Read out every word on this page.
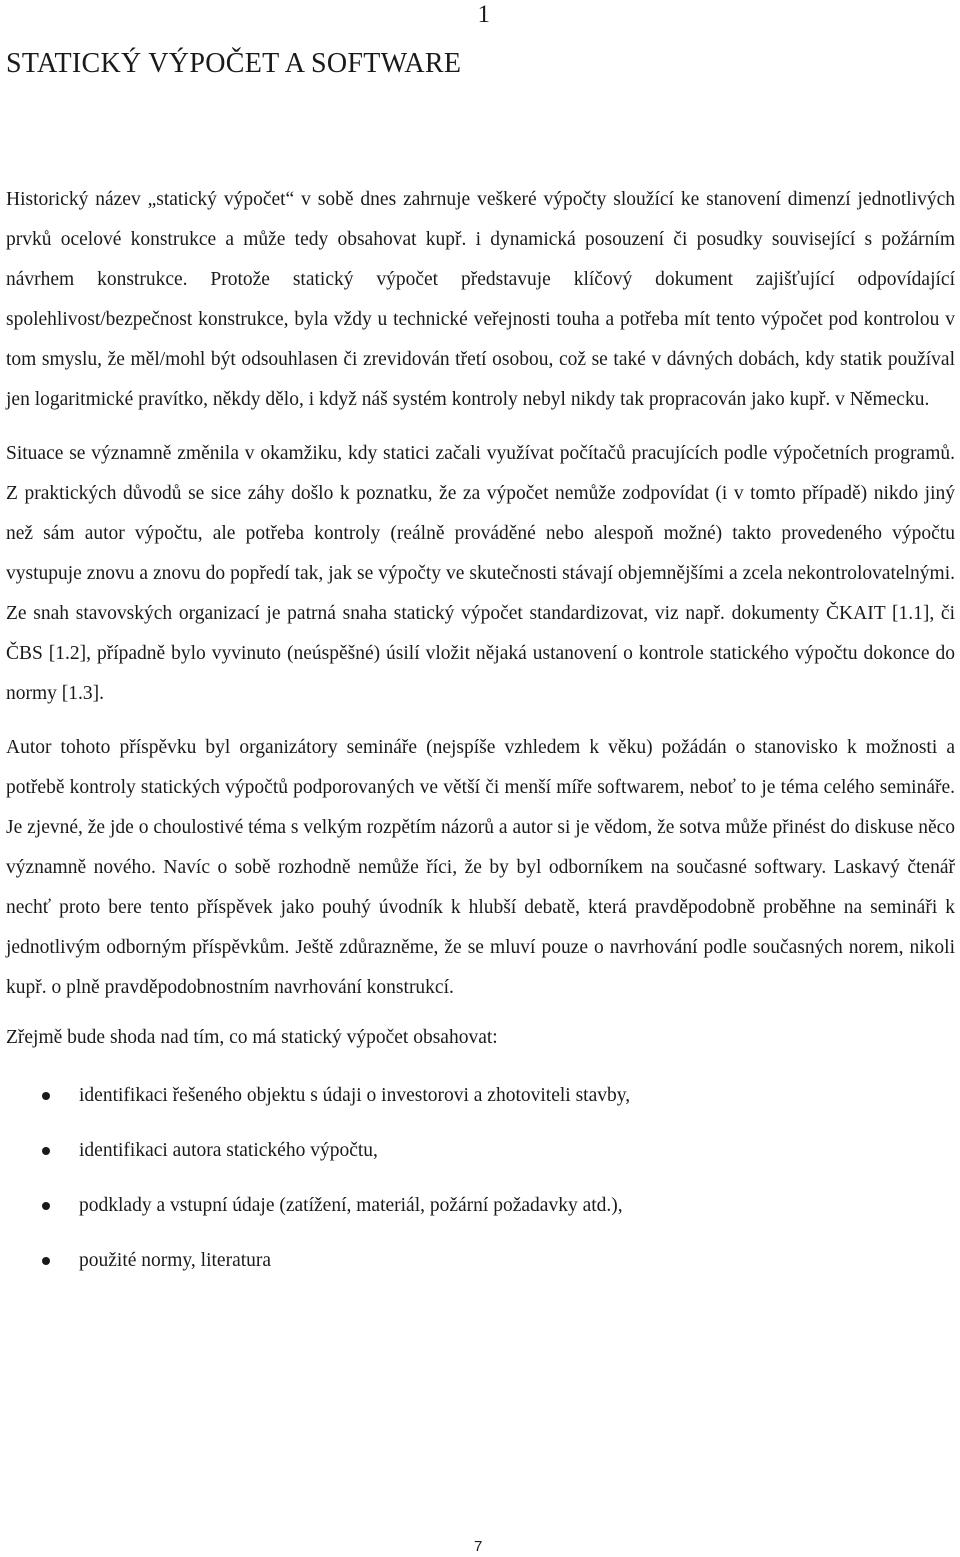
1
STATICKÝ VÝPOČET A SOFTWARE

Historický název „statický výpočet“ v sobě dnes zahrnuje veškeré výpočty sloužící ke stanovení dimenzí jednotlivých prvků ocelové konstrukce a může tedy obsahovat kupř. i dynamická posouzení či posudky související s požárním návrhem konstrukce. Protože statický výpočet představuje klíčový dokument zajišťující odpovídající spolehlivost/bezpečnost konstrukce, byla vždy u technické veřejnosti touha a potřeba mít tento výpočet pod kontrolou v tom smyslu, že měl/mohl být odsouhlasen či zrevidován třetí osobou, což se také v dávných dobách, kdy statik používal jen logaritmické pravítko, někdy dělo, i když náš systém kontroly nebyl nikdy tak propracován jako kupř. v Německu.

Situace se významně změnila v okamžiku, kdy statici začali využívat počítačů pracujících podle výpočetních programů. Z praktických důvodů se sice záhy došlo k poznatku, že za výpočet nemůže zodpovídat (i v tomto případě) nikdo jiný než sám autor výpočtu, ale potřeba kontroly (reálně prováděné nebo alespoň možné) takto provedeného výpočtu vystupuje znovu a znovu do popředí tak, jak se výpočty ve skutečnosti stávají objemnějšími a zcela nekontrolovatelnými. Ze snah stavovských organizací je patrná snaha statický výpočet standardizovat, viz např. dokumenty ČKAIT [1.1], či ČBS [1.2], případně bylo vyvinuto (neúspěšné) úsilí vložit nějaká ustanovení o kontrole statického výpočtu dokonce do normy [1.3].

Autor tohoto příspěvku byl organizátory semináře (nejspíše vzhledem k věku) požádán o stanovisko k možnosti a potřebě kontroly statických výpočtů podporovaných ve větší či menší míře softwarem, neboť to je téma celého semináře. Je zjevné, že jde o choulostivé téma s velkým rozpětím názorů a autor si je vědom, že sotva může přinést do diskuse něco významně nového. Navíc o sobě rozhodně nemůže říci, že by byl odborníkem na současné softwary. Laskavý čtenář nechť proto bere tento příspěvek jako pouhý úvodník k hlubší debatě, která pravděpodobně proběhne na semináři k jednotlivým odborným příspěvkům. Ještě zdůrazněme, že se mluví pouze o navrhování podle současných norem, nikoli kupř. o plně pravděpodobnostním navrhování konstrukcí.

Zřejmě bude shoda nad tím, co má statický výpočet obsahovat:

identifikaci řešeného objektu s údaji o investorovi a zhotoviteli stavby,
identifikaci autora statického výpočtu,
podklady a vstupní údaje (zatížení, materiál, požární požadavky atd.),
použité normy, literatura
7
